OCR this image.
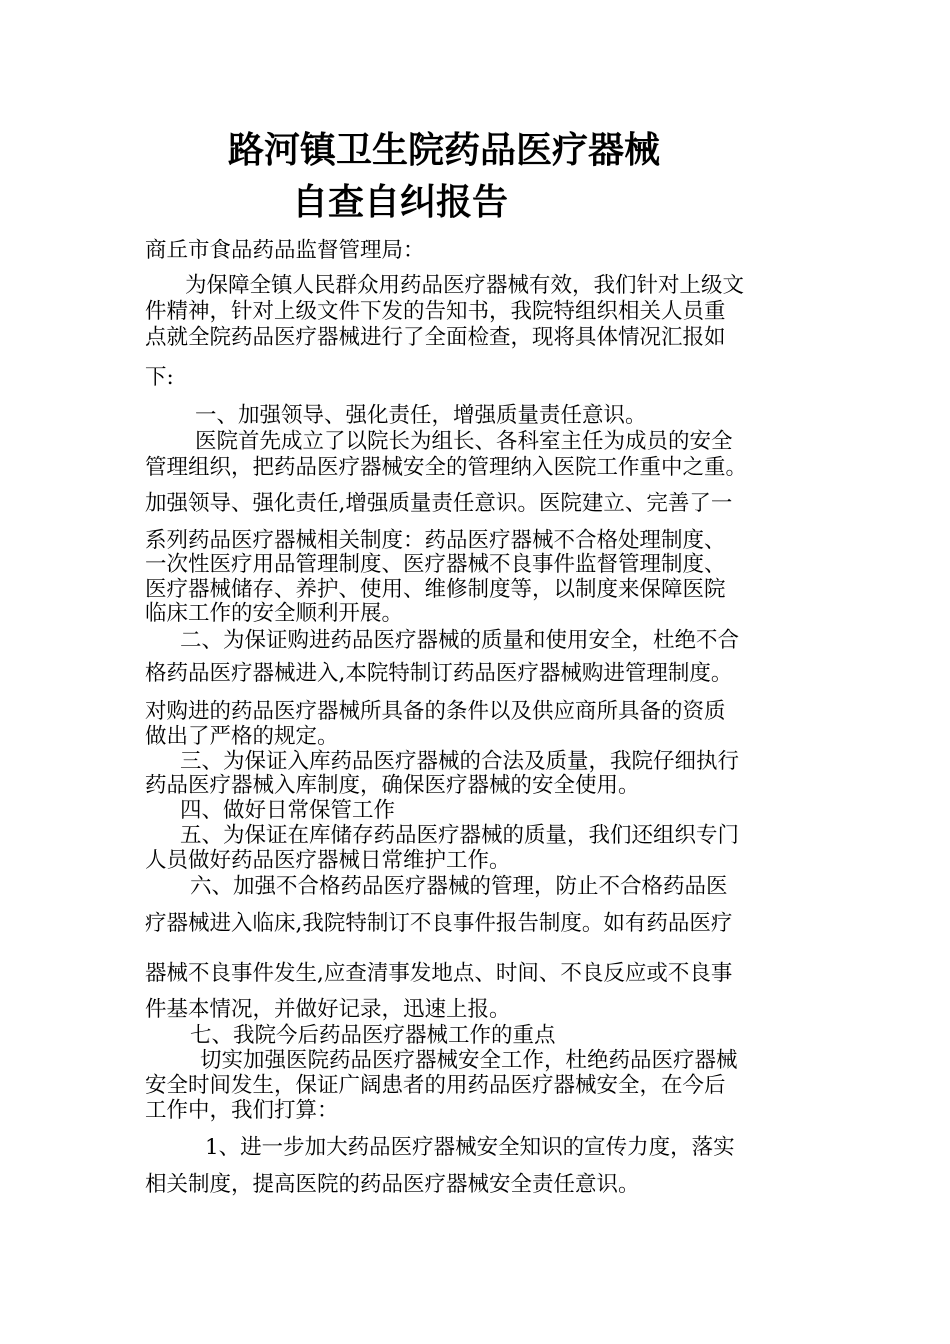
路河镇卫生院药品医疗器械
自查自纠报告
商丘市食品药品监督管理局：
为保障全镇人民群众用药品医疗器械有效，我们针对上级文
件精神，针对上级文件下发的告知书，我院特组织相关人员重
点就全院药品医疗器械进行了全面检查，现将具体情况汇报如
下:
一、加强领导、强化责任，增强质量责任意识。
医院首先成立了以院长为组长、各科室主任为成员的安全
管理组织，把药品医疗器械安全的管理纳入医院工作重中之重。
加强领导、强化责任,增强质量责任意识。医院建立、完善了一
系列药品医疗器械相关制度：药品医疗器械不合格处理制度、
一次性医疗用品管理制度、医疗器械不良事件监督管理制度、
医疗器械储存、养护、使用、维修制度等，以制度来保障医院
临床工作的安全顺利开展。
二、为保证购进药品医疗器械的质量和使用安全，杜绝不合
格药品医疗器械进入,本院特制订药品医疗器械购进管理制度。
对购进的药品医疗器械所具备的条件以及供应商所具备的资质
做出了严格的规定。
三、为保证入库药品医疗器械的合法及质量，我院仔细执行
药品医疗器械入库制度，确保医疗器械的安全使用。
四、做好日常保管工作
五、为保证在库储存药品医疗器械的质量，我们还组织专门
人员做好药品医疗器械日常维护工作。
六、加强不合格药品医疗器械的管理，防止不合格药品医
疗器械进入临床,我院特制订不良事件报告制度。如有药品医疗
器械不良事件发生,应查清事发地点、时间、不良反应或不良事
件基本情况，并做好记录，迅速上报。
七、我院今后药品医疗器械工作的重点
切实加强医院药品医疗器械安全工作，杜绝药品医疗器械
安全时间发生，保证广阔患者的用药品医疗器械安全，在今后
工作中，我们打算：
1、进一步加大药品医疗器械安全知识的宣传力度，落实
相关制度，提高医院的药品医疗器械安全责任意识。
